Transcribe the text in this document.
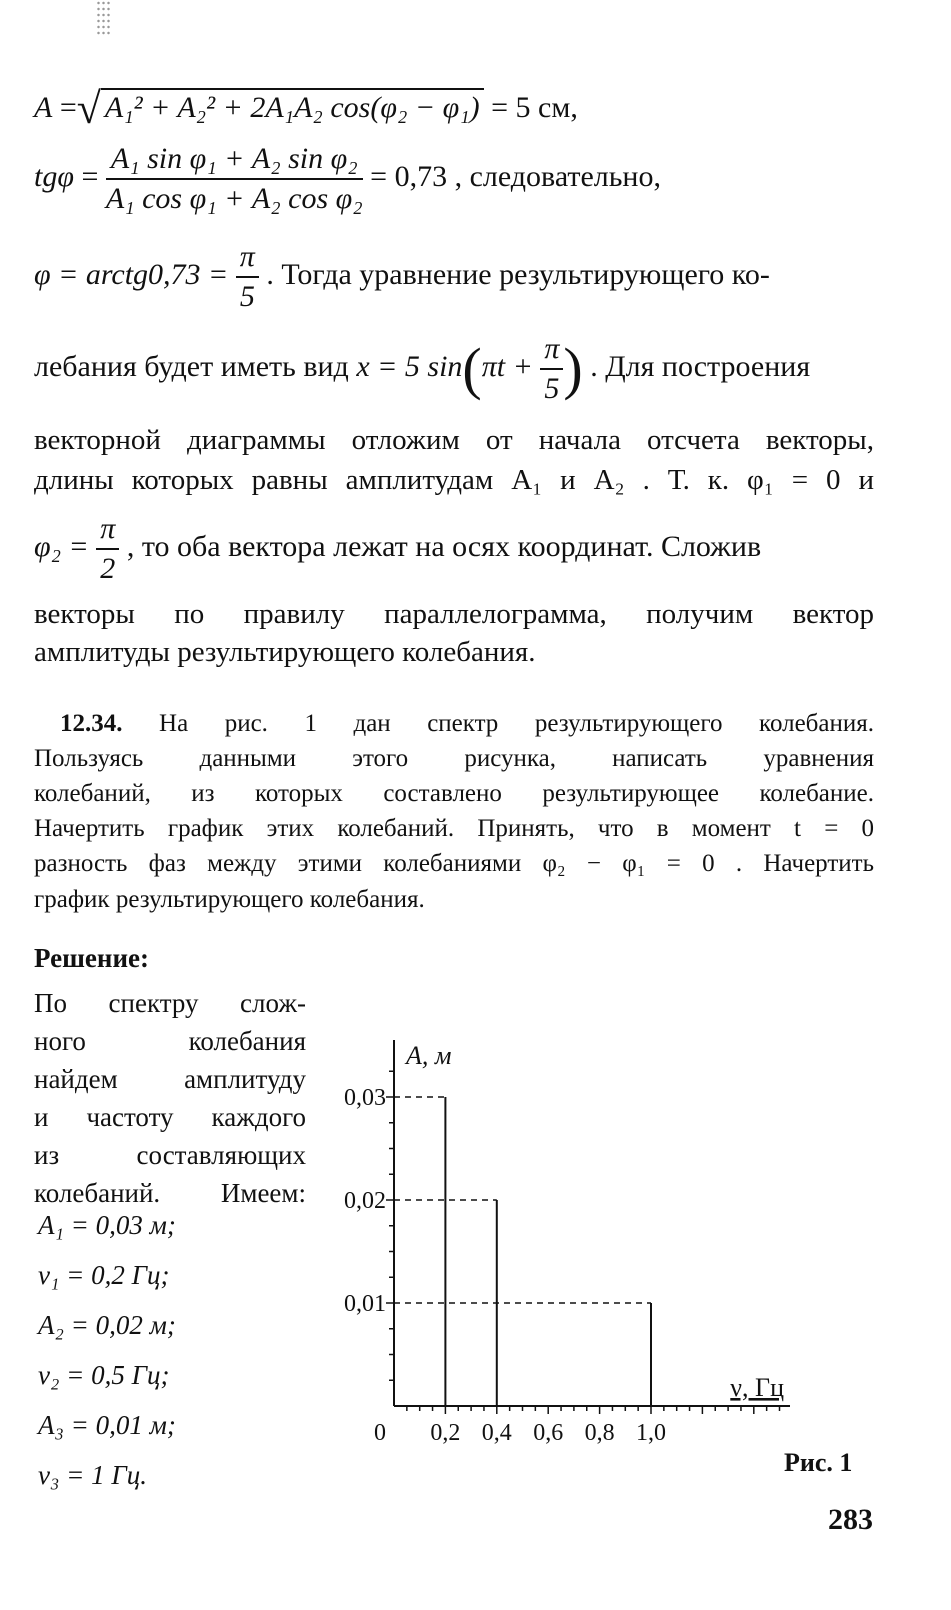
A =√ A₁² + A₂² + 2A₁A₂ cos(φ₂ − φ₁) = 5 см,
$tg\varphi = \frac{\text{A₁ sin φ₁ + A₂ sin φ₂}}{\text{A₁ cos φ₁ + A₂ cos φ₂}} = 0,73$ , следовательно,
φ = arctg0,73 = $\frac{\pi}{5}$ . Тогда уравнение результирующего ко-
лебания будет иметь вид x = 5 $\sin(\pi t + \frac{\pi}{5}$ ) . Для построения
векторной диаграммы отложим от начала отсчета векторы,
длины которых равны амплитудам A₁ и A₂ . Т. к. φ₁ = 0 и
$\varphi_2 = \frac{\pi}{2}$ , то оба вектора лежат на осях координат. Сложив
векторы по правилу параллелограмма, получим вектор
амплитуды результирующего колебания.
12.34. На рис. 1 дан спектр результирующего колебания.
Пользуясь данными этого рисунка, написать уравнения
колебаний, из которых составлено результирующее колебание.
Начертить график этих колебаний. Принять, что в момент t = 0
разность фаз между этими колебаниями φ₂ − φ₁ = 0 . Начертить
график результирующего колебания.
Решение:
По спектру слож-
ного колебания
найдем амплитуду
и частоту каждого
из составляющих
колебаний. Имеем:
A₁ = 0,03 м;
ν₁ = 0,2 Гц;
A₂ = 0,02 м;
ν₂ = 0,5 Гц;
A₃ = 0,01 м;
ν₃ = 1 Гц.
0,01
0,02
0,03
0,2 0,4 0,6 0,8 1,0
0
A, м
ν, Гц
Рис. 1
283
